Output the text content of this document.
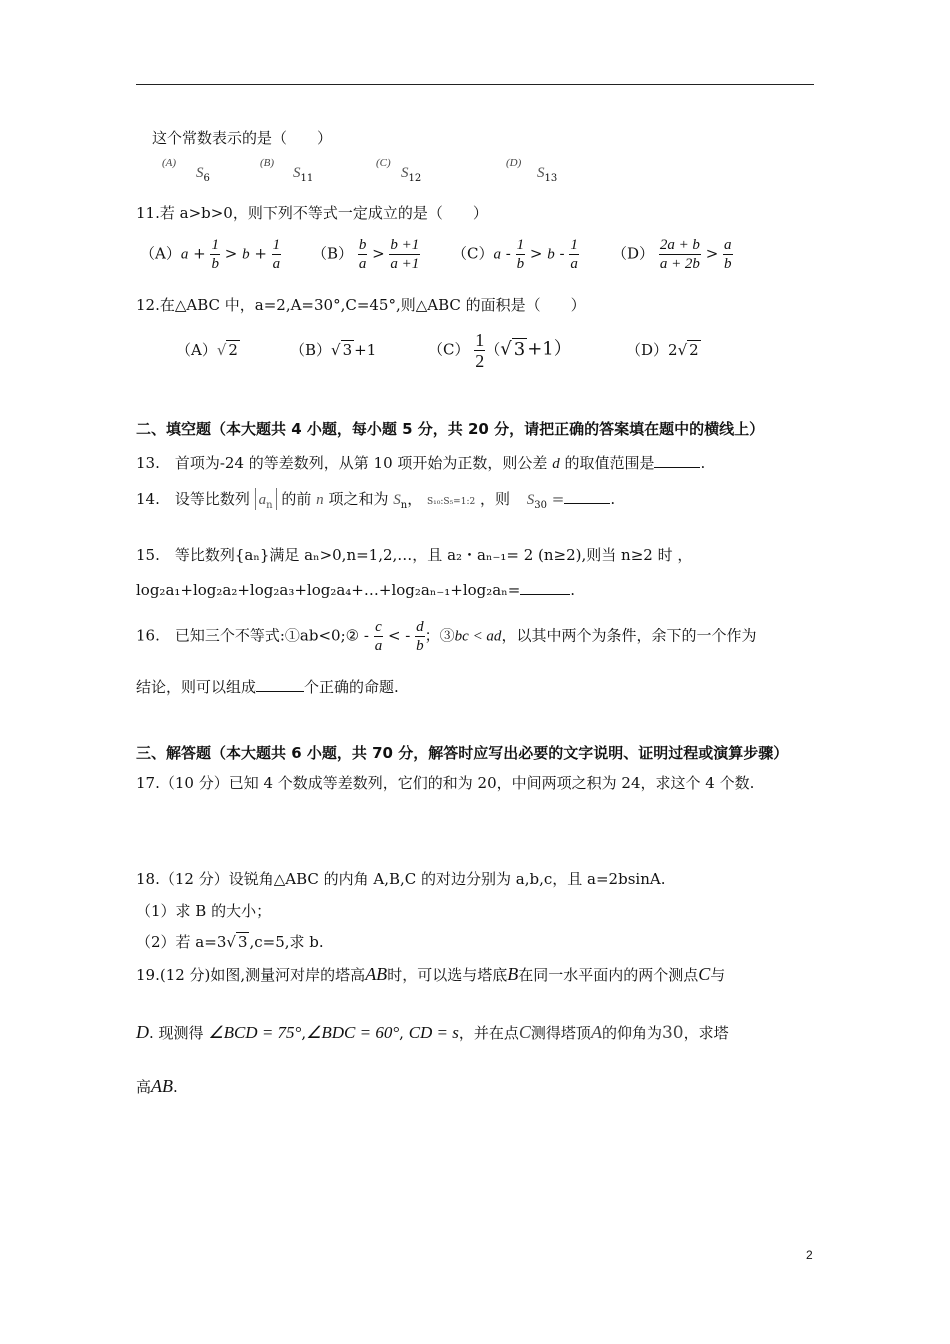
这个常数表示的是（　　）
(A)
$S_6$
(B)
$S_{11}$
(C)
$S_{12}$
(D)
$S_{13}$
11.若 a>b>0，则下列不等式一定成立的是（　　）
$(A)a + \frac{1}{b} > b + \frac{1}{a} (B) \frac{b}{a} > \frac{b +1}{a +1} (C)a - \frac{1}{b} > b - \frac{1}{a} (D) \frac{2a + b}{a + 2b} > \frac{a}{b}$
12.在△ABC 中，a=2,A=30°,C=45°,则△ABC 的面积是（　　）
（A）√ 2	（B）√ 3 +1	$(C) \frac{1}{2}$ （√ 3 +1）	（D）2√ 2
二、填空题（本大题共 4 小题，每小题 5 分，共 20 分，请把正确的答案填在题中的横线上）
13.　首项为-24 的等差数列，从第 10 项开始为正数，则公差 d 的取值范围是	.
14.　设等比数列 $a_n$ 的前 n 项之和为 $S_n$， S₁₀:S₅=1:2 ，则 $S_{30}$ =	.
15.　等比数列{aₙ}满足 aₙ>0,n=1,2,…，且 a₂・aₙ₋₁= 2 (n≥2),则当 n≥2 时 ，
log₂a₁+log₂a₂+log₂a₃+log₂a₄+…+log₂aₙ₋₁+log₂aₙ=	.
16.　已知三个不等式:①ab<0;② - $\frac{c}{a}$ < - $\frac{d}{b}$ ；③bc < ad，以其中两个为条件，余下的一个作为
结论，则可以组成	个正确的命题.
三、解答题（本大题共 6 小题，共 70 分，解答时应写出必要的文字说明、证明过程或演算步骤）
17.（10 分）已知 4 个数成等差数列，它们的和为 20，中间两项之积为 24，求这个 4 个数.
18.（12 分）设锐角△ABC 的内角 A,B,C 的对边分别为 a,b,c，且 a=2bsinA.
（1）求 B 的大小；
（2）若 a=3√ 3 ,c=5,求 b.
19.(12 分)如图,测量河对岸的塔高AB时，可以选与塔底B在同一水平面内的两个测点C与
D. 现测得 ∠BCD = 75°,∠BDC = 60°, CD = s，并在点C测得塔顶A的仰角为30，求塔
高AB.
2
